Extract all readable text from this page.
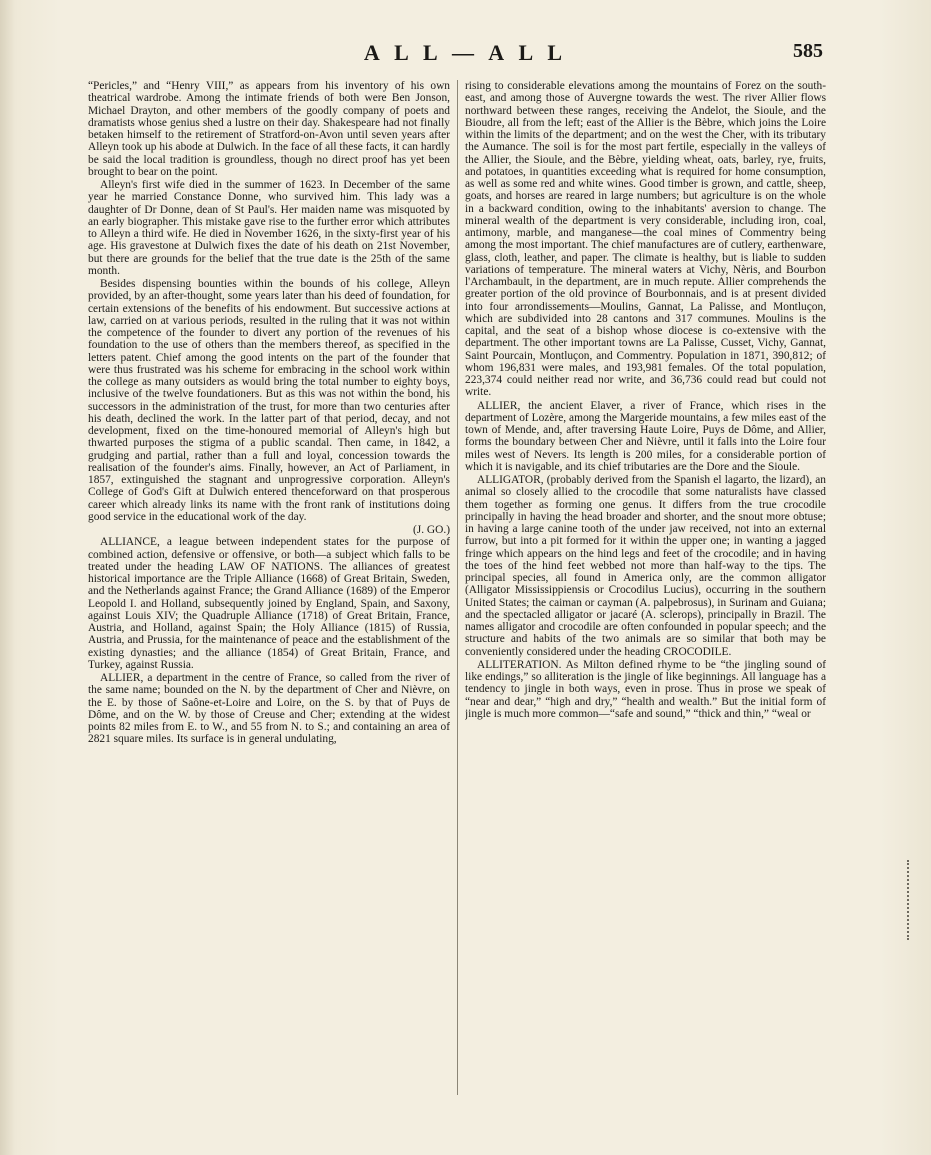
A L L — A L L	585

“Pericles,” and “Henry VIII,” as appears from his inventory of his own theatrical wardrobe. Among the intimate friends of both were Ben Jonson, Michael Drayton, and other members of the goodly company of poets and dramatists whose genius shed a lustre on their day. Shakespeare had not finally betaken himself to the retirement of Stratford-on-Avon until seven years after Alleyn took up his abode at Dulwich. In the face of all these facts, it can hardly be said the local tradition is groundless, though no direct proof has yet been brought to bear on the point.

Alleyn's first wife died in the summer of 1623. In December of the same year he married Constance Donne, who survived him. This lady was a daughter of Dr Donne, dean of St Paul's. Her maiden name was misquoted by an early biographer. This mistake gave rise to the further error which attributes to Alleyn a third wife. He died in November 1626, in the sixty-first year of his age. His gravestone at Dulwich fixes the date of his death on 21st November, but there are grounds for the belief that the true date is the 25th of the same month.

Besides dispensing bounties within the bounds of his college, Alleyn provided, by an after-thought, some years later than his deed of foundation, for certain extensions of the benefits of his endowment. But successive actions at law, carried on at various periods, resulted in the ruling that it was not within the competence of the founder to divert any portion of the revenues of his foundation to the use of others than the members thereof, as specified in the letters patent. Chief among the good intents on the part of the founder that were thus frustrated was his scheme for embracing in the school work within the college as many outsiders as would bring the total number to eighty boys, inclusive of the twelve foundationers. But as this was not within the bond, his successors in the administration of the trust, for more than two centuries after his death, declined the work. In the latter part of that period, decay, and not development, fixed on the time-honoured memorial of Alleyn's high but thwarted purposes the stigma of a public scandal. Then came, in 1842, a grudging and partial, rather than a full and loyal, concession towards the realisation of the founder's aims. Finally, however, an Act of Parliament, in 1857, extinguished the stagnant and unprogressive corporation. Alleyn's College of God's Gift at Dulwich entered thenceforward on that prosperous career which already links its name with the front rank of institutions doing good service in the educational work of the day.

(J. GO.)

ALLIANCE, a league between independent states for the purpose of combined action, defensive or offensive, or both—a subject which falls to be treated under the heading LAW OF NATIONS. The alliances of greatest historical importance are the Triple Alliance (1668) of Great Britain, Sweden, and the Netherlands against France; the Grand Alliance (1689) of the Emperor Leopold I. and Holland, subsequently joined by England, Spain, and Saxony, against Louis XIV; the Quadruple Alliance (1718) of Great Britain, France, Austria, and Holland, against Spain; the Holy Alliance (1815) of Russia, Austria, and Prussia, for the maintenance of peace and the establishment of the existing dynasties; and the alliance (1854) of Great Britain, France, and Turkey, against Russia.

ALLIER, a department in the centre of France, so called from the river of the same name; bounded on the N. by the department of Cher and Nièvre, on the E. by those of Saône-et-Loire and Loire, on the S. by that of Puys de Dôme, and on the W. by those of Creuse and Cher; extending at the widest points 82 miles from E. to W., and 55 from N. to S.; and containing an area of 2821 square miles. Its surface is in general undulating,

rising to considerable elevations among the mountains of Forez on the south-east, and among those of Auvergne towards the west. The river Allier flows northward between these ranges, receiving the Andelot, the Sioule, and the Bioudre, all from the left; east of the Allier is the Bèbre, which joins the Loire within the limits of the department; and on the west the Cher, with its tributary the Aumance. The soil is for the most part fertile, especially in the valleys of the Allier, the Sioule, and the Bèbre, yielding wheat, oats, barley, rye, fruits, and potatoes, in quantities exceeding what is required for home consumption, as well as some red and white wines. Good timber is grown, and cattle, sheep, goats, and horses are reared in large numbers; but agriculture is on the whole in a backward condition, owing to the inhabitants' aversion to change. The mineral wealth of the department is very considerable, including iron, coal, antimony, marble, and manganese—the coal mines of Commentry being among the most important. The chief manufactures are of cutlery, earthenware, glass, cloth, leather, and paper. The climate is healthy, but is liable to sudden variations of temperature. The mineral waters at Vichy, Nèris, and Bourbon l'Archambault, in the department, are in much repute. Allier comprehends the greater portion of the old province of Bourbonnais, and is at present divided into four arrondissements—Moulins, Gannat, La Palisse, and Montluçon, which are subdivided into 28 cantons and 317 communes. Moulins is the capital, and the seat of a bishop whose diocese is co-extensive with the department. The other important towns are La Palisse, Cusset, Vichy, Gannat, Saint Pourcain, Montluçon, and Commentry. Population in 1871, 390,812; of whom 196,831 were males, and 193,981 females. Of the total population, 223,374 could neither read nor write, and 36,736 could read but could not write.

ALLIER, the ancient Elaver, a river of France, which rises in the department of Lozère, among the Margeride mountains, a few miles east of the town of Mende, and, after traversing Haute Loire, Puys de Dôme, and Allier, forms the boundary between Cher and Nièvre, until it falls into the Loire four miles west of Nevers. Its length is 200 miles, for a considerable portion of which it is navigable, and its chief tributaries are the Dore and the Sioule.

ALLIGATOR, (probably derived from the Spanish el lagarto, the lizard), an animal so closely allied to the crocodile that some naturalists have classed them together as forming one genus. It differs from the true crocodile principally in having the head broader and shorter, and the snout more obtuse; in having a large canine tooth of the under jaw received, not into an external furrow, but into a pit formed for it within the upper one; in wanting a jagged fringe which appears on the hind legs and feet of the crocodile; and in having the toes of the hind feet webbed not more than half-way to the tips. The principal species, all found in America only, are the common alligator (Alligator Mississippiensis or Crocodilus Lucius), occurring in the southern United States; the caiman or cayman (A. palpebrosus), in Surinam and Guiana; and the spectacled alligator or jacaré (A. sclerops), principally in Brazil. The names alligator and crocodile are often confounded in popular speech; and the structure and habits of the two animals are so similar that both may be conveniently considered under the heading CROCODILE.

ALLITERATION. As Milton defined rhyme to be “the jingling sound of like endings,” so alliteration is the jingle of like beginnings. All language has a tendency to jingle in both ways, even in prose. Thus in prose we speak of “near and dear,” “high and dry,” “health and wealth.” But the initial form of jingle is much more common—“safe and sound,” “thick and thin,” “weal or
